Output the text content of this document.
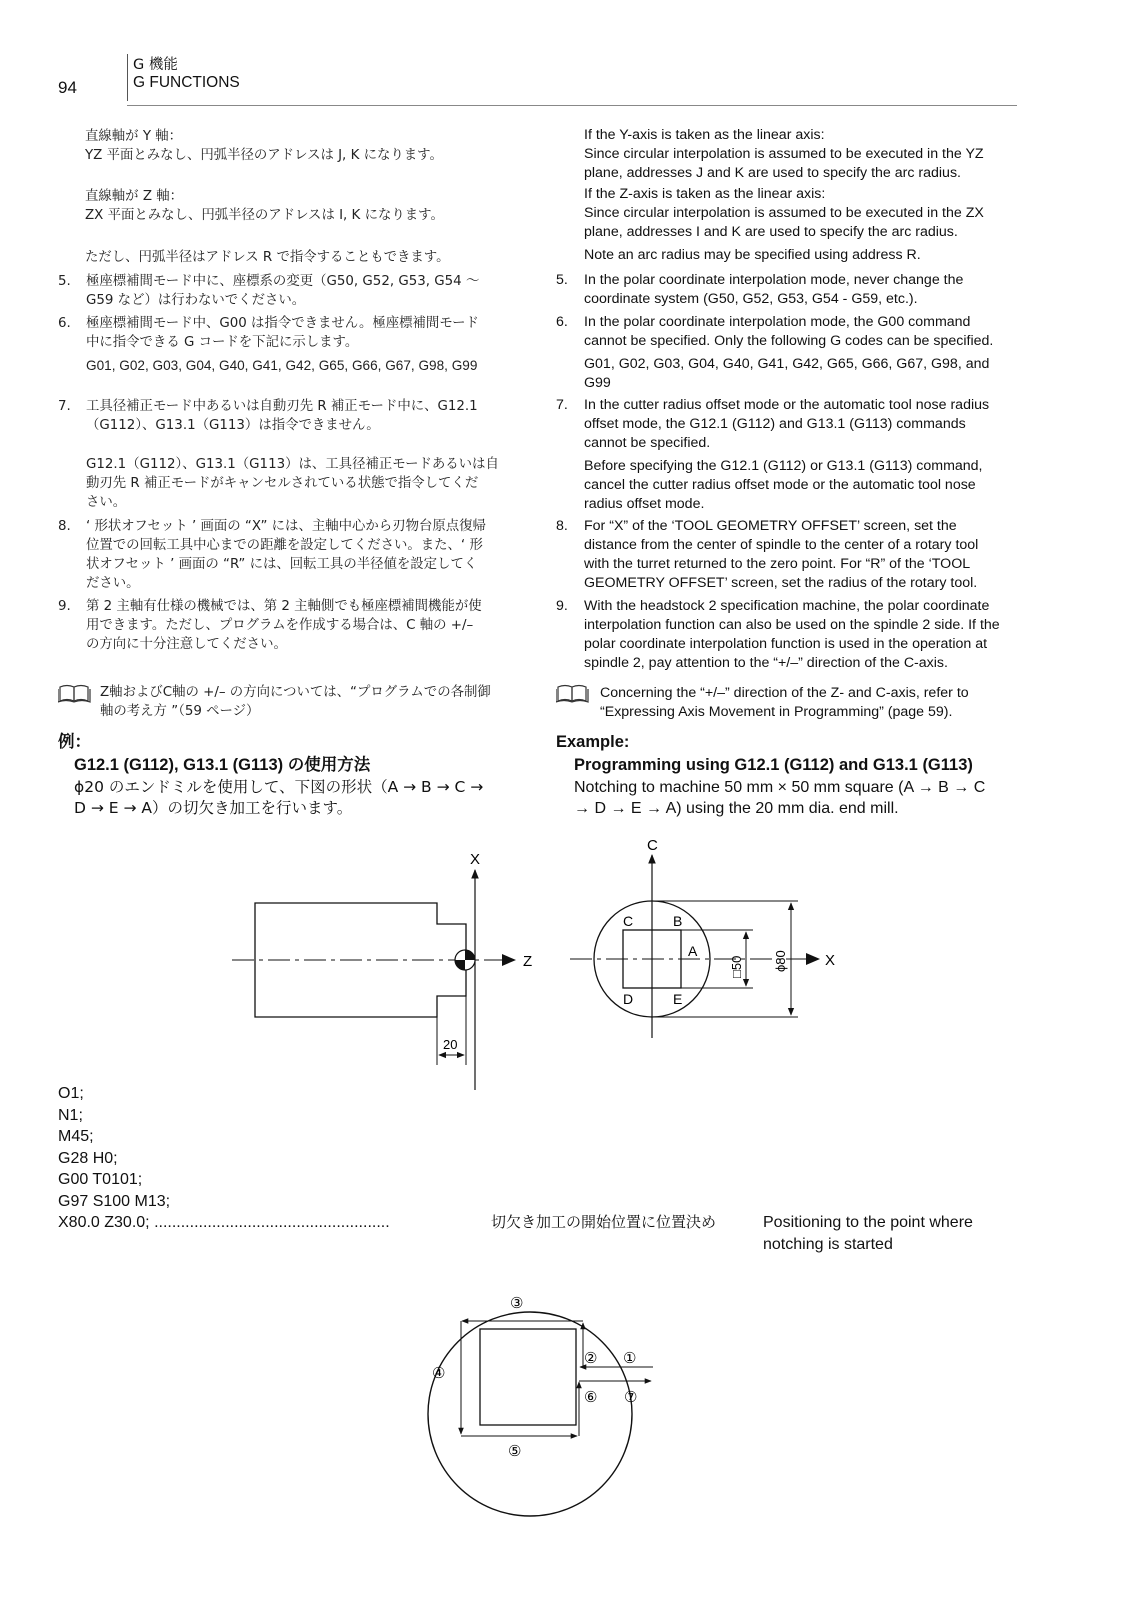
94
G 機能
G FUNCTIONS
直線軸が Y 軸：
YZ 平面とみなし、円弧半径のアドレスは J, K になります。
直線軸が Z 軸：
ZX 平面とみなし、円弧半径のアドレスは I, K になります。
ただし、円弧半径はアドレス R で指令することもできます。
5. 極座標補間モード中に、座標系の変更（G50, G52, G53, G54 ～
G59 など）は行わないでください。
6. 極座標補間モード中、G00 は指令できません。極座標補間モード
中に指令できる G コードを下記に示します。
G01, G02, G03, G04, G40, G41, G42, G65, G66, G67, G98, G99
7. 工具径補正モード中あるいは自動刃先 R 補正モード中に、G12.1
（G112）、G13.1（G113）は指令できません。
G12.1（G112）、G13.1（G113）は、工具径補正モードあるいは自
動刃先 R 補正モードがキャンセルされている状態で指令してくだ
さい。
8. ‘ 形状オフセット ’ 画面の “X” には、主軸中心から刃物台原点復帰
位置での回転工具中心までの距離を設定してください。また、‘ 形
状オフセット ’ 画面の “R” には、回転工具の半径値を設定してく
ださい。
9. 第 2 主軸有仕様の機械では、第 2 主軸側でも極座標補間機能が使
用できます。ただし、プログラムを作成する場合は、C 軸の +/–
の方向に十分注意してください。
Z軸およびC軸の +/– の方向については、“プログラムでの各制御
軸の考え方 ”（59 ページ）
例：
G12.1 (G112), G13.1 (G113) の使用方法
ϕ20 のエンドミルを使用して、下図の形状（A → B → C →
D → E → A）の切欠き加工を行います。
If the Y-axis is taken as the linear axis:
Since circular interpolation is assumed to be executed in the YZ
plane, addresses J and K are used to specify the arc radius.
If the Z-axis is taken as the linear axis:
Since circular interpolation is assumed to be executed in the ZX
plane, addresses I and K are used to specify the arc radius.
Note an arc radius may be specified using address R.
5. In the polar coordinate interpolation mode, never change the
coordinate system (G50, G52, G53, G54 - G59, etc.).
6. In the polar coordinate interpolation mode, the G00 command
cannot be specified. Only the following G codes can be specified.
G01, G02, G03, G04, G40, G41, G42, G65, G66, G67, G98, and
G99
7. In the cutter radius offset mode or the automatic tool nose radius
offset mode, the G12.1 (G112) and G13.1 (G113) commands
cannot be specified.
Before specifying the G12.1 (G112) or G13.1 (G113) command,
cancel the cutter radius offset mode or the automatic tool nose
radius offset mode.
8. For “X” of the ‘TOOL GEOMETRY OFFSET’ screen, set the
distance from the center of spindle to the center of a rotary tool
with the turret returned to the zero point. For “R” of the ‘TOOL
GEOMETRY OFFSET’ screen, set the radius of the rotary tool.
9. With the headstock 2 specification machine, the polar coordinate
interpolation function can also be used on the spindle 2 side. If the
polar coordinate interpolation function is used in the operation at
spindle 2, pay attention to the “+/–” direction of the C-axis.
Concerning the “+/–” direction of the Z- and C-axis, refer to
“Expressing Axis Movement in Programming” (page 59).
Example:
Programming using G12.1 (G112) and G13.1 (G113)
Notching to machine 50 mm × 50 mm square (A → B → C
→ D → E → A) using the 20 mm dia. end mill.
X
Z
20
C
X
C	B
A
D	E
□50 ϕ80
O1;
N1;
M45;
G28 H0;
G00 T0101;
G97 S100 M13;
X80.0 Z30.0; .....................................................	切欠き加工の開始位置に位置決め	Positioning to the point where
notching is started
①
②
③
④
⑤
⑥ ⑦
